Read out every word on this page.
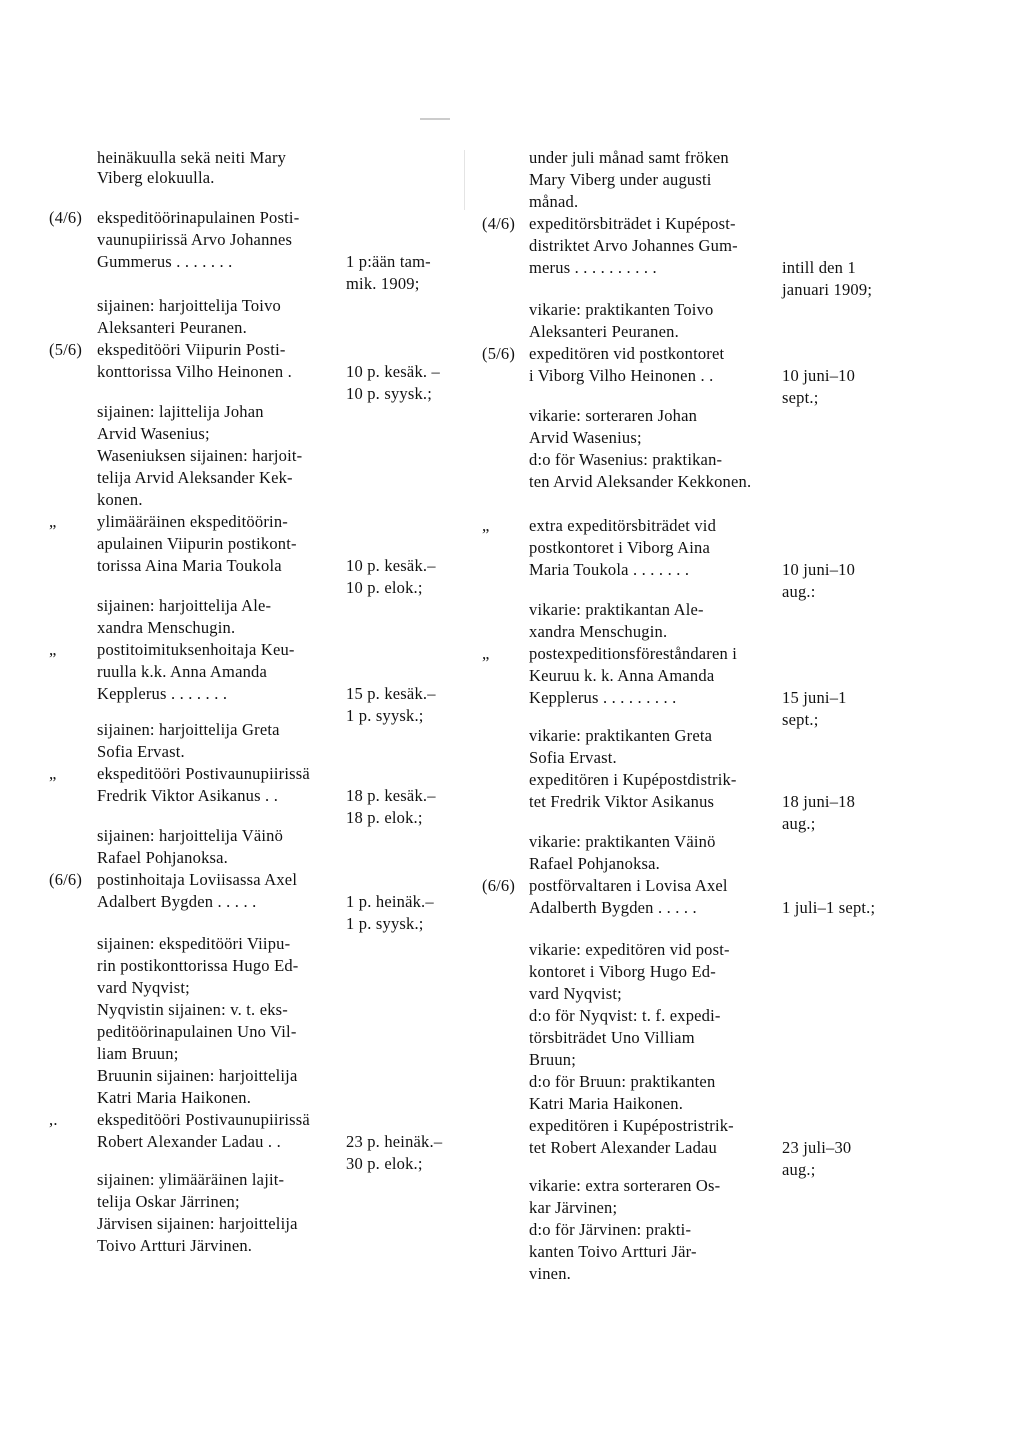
heinäkuulla sekä neiti Mary
Viberg elokuulla.
ekspeditöörinapulainen Posti-
vaunupiirissä Arvo Johannes
Gummerus . . . . . . .
sijainen: harjoittelija Toivo
Aleksanteri Peuranen.
ekspeditööri Viipurin Posti-
konttorissa Vilho Heinonen .
sijainen: lajittelija Johan
Arvid Wasenius;
Waseniuksen sijainen: harjoit-
telija Arvid Aleksander Kek-
konen.
ylimääräinen ekspeditöörin-
apulainen Viipurin postikont-
torissa Aina Maria Toukola
sijainen: harjoittelija Ale-
xandra Menschugin.
postitoimituksenhoitaja Keu-
ruulla k.k. Anna Amanda
Kepplerus . . . . . . .
sijainen: harjoittelija Greta
Sofia Ervast.
ekspeditööri Postivaunupiirissä
Fredrik Viktor Asikanus . .
sijainen: harjoittelija Väinö
Rafael Pohjanoksa.
postinhoitaja Loviisassa Axel
Adalbert Bygden . . . . .
sijainen: ekspeditööri Viipu-
rin postikonttorissa Hugo Ed-
vard Nyqvist;
Nyqvistin sijainen: v. t. eks-
peditöörinapulainen Uno Vil-
liam Bruun;
Bruunin sijainen: harjoittelija
Katri Maria Haikonen.
ekspeditööri Postivaunupiirissä
Robert Alexander Ladau . .
sijainen: ylimääräinen lajit-
telija Oskar Järrinen;
Järvisen sijainen: harjoittelija
Toivo Artturi Järvinen.
(4/6)
(5/6)
„
„
„
(6/6)
,.
1 p:ään tam-
mik. 1909;
10 p. kesäk. –
10 p. syysk.;
10 p. kesäk.–
10 p. elok.;
15 p. kesäk.–
1 p. syysk.;
18 p. kesäk.–
18 p. elok.;
1 p. heinäk.–
1 p. syysk.;
23 p. heinäk.–
30 p. elok.;
under juli månad samt fröken
Mary Viberg under augusti
månad.
expeditörsbiträdet i Kupépost-
distriktet Arvo Johannes Gum-
merus . . . . . . . . . .
vikarie: praktikanten Toivo
Aleksanteri Peuranen.
expeditören vid postkontoret
i Viborg Vilho Heinonen . .
vikarie: sorteraren Johan
Arvid Wasenius;
d:o för Wasenius: praktikan-
ten Arvid Aleksander Kekkonen.
extra expeditörsbiträdet vid
postkontoret i Viborg Aina
Maria Toukola . . . . . . .
vikarie: praktikantan Ale-
xandra Menschugin.
postexpeditionsföreståndaren i
Keuruu k. k. Anna Amanda
Kepplerus . . . . . . . . .
vikarie: praktikanten Greta
Sofia Ervast.
expeditören i Kupépostdistrik-
tet Fredrik Viktor Asikanus
vikarie: praktikanten Väinö
Rafael Pohjanoksa.
postförvaltaren i Lovisa Axel
Adalberth Bygden . . . . .
vikarie: expeditören vid post-
kontoret i Viborg Hugo Ed-
vard Nyqvist;
d:o för Nyqvist: t. f. expedi-
törsbiträdet Uno Villiam
Bruun;
d:o för Bruun: praktikanten
Katri Maria Haikonen.
expeditören i Kupépostristrik-
tet Robert Alexander Ladau
vikarie: extra sorteraren Os-
kar Järvinen;
d:o för Järvinen: prakti-
kanten Toivo Artturi Jär-
vinen.
(4/6)
(5/6)
„
„
(6/6)
intill den 1
januari 1909;
10 juni–10
sept.;
10 juni–10
aug.:
15 juni–1
sept.;
18 juni–18
aug.;
1 juli–1 sept.;
23 juli–30
aug.;
